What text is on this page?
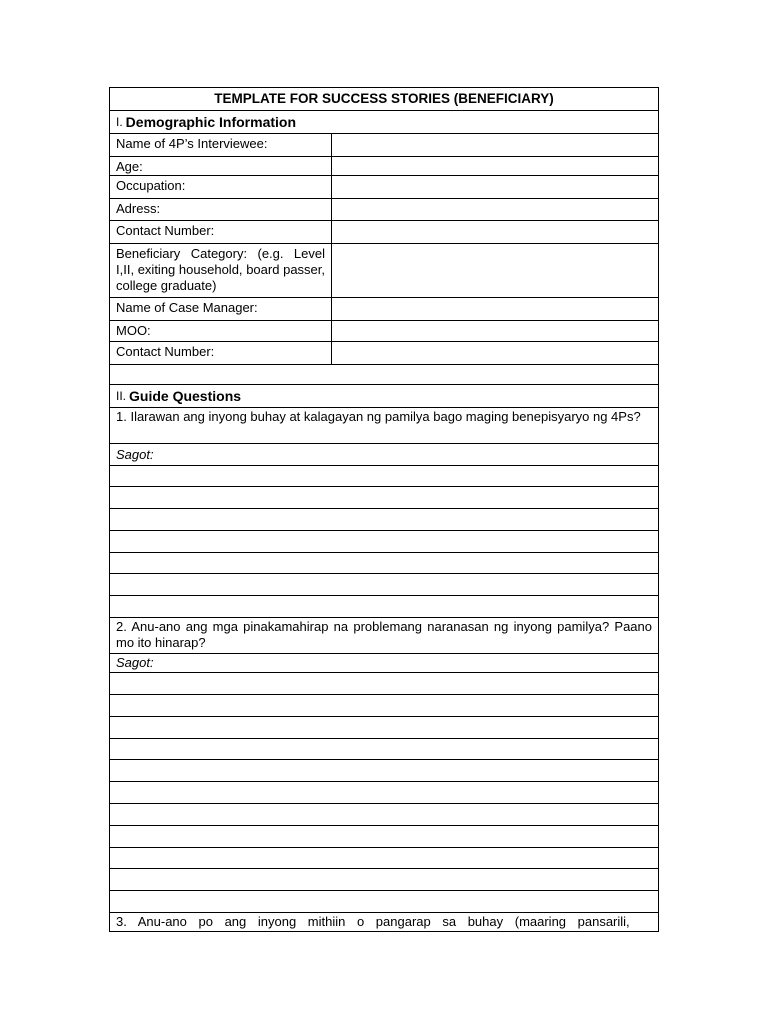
TEMPLATE FOR SUCCESS STORIES (BENEFICIARY)
I. Demographic Information
Name of 4P’s Interviewee:
Age:
Occupation:
Adress:
Contact Number:
Beneficiary Category: (e.g. Level I,II, exiting household, board passer, college graduate)
Name of Case Manager:
MOO:
Contact Number:
II. Guide Questions
1. Ilarawan ang inyong buhay at kalagayan ng pamilya bago maging benepisyaryo ng 4Ps?
Sagot:
2. Anu-ano ang mga pinakamahirap na problemang naranasan ng inyong pamilya? Paano mo ito hinarap?
Sagot:
3. Anu-ano po ang inyong mithiin o pangarap sa buhay (maaring pansarili,
